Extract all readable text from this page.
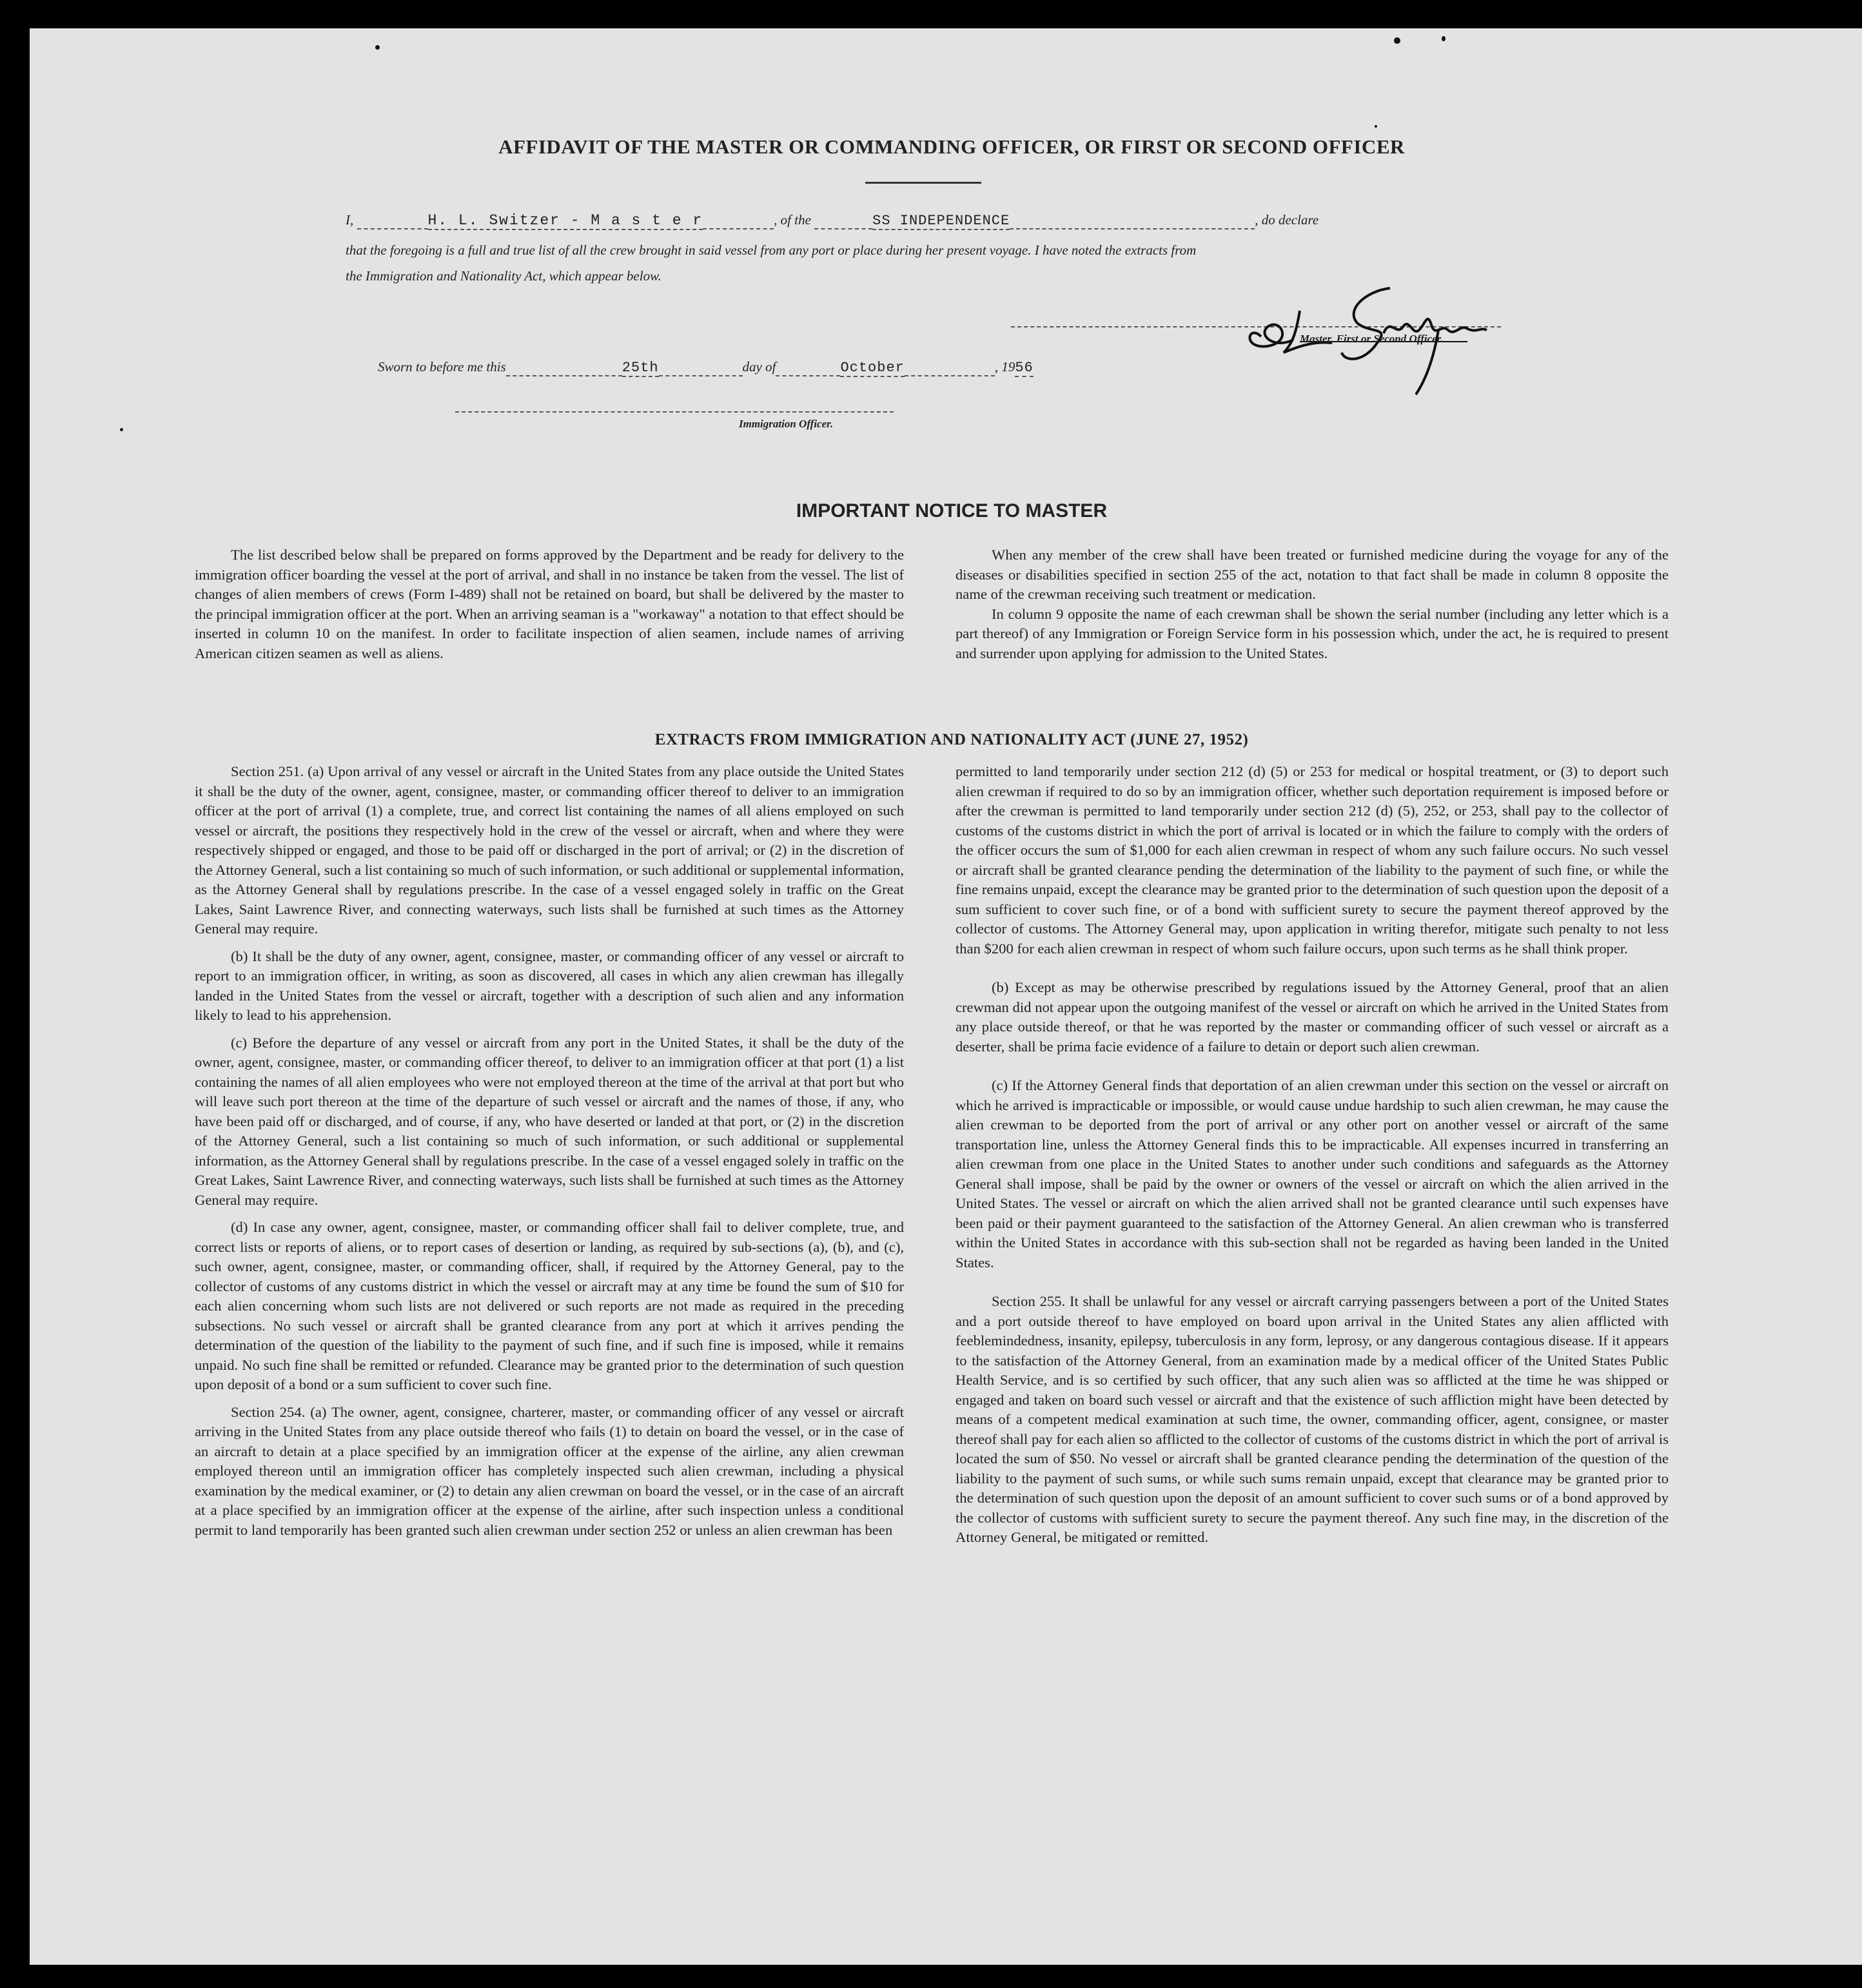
AFFIDAVIT OF THE MASTER OR COMMANDING OFFICER, OR FIRST OR SECOND OFFICER
I,	H. L. Switzer - M a s t e r	, of the	SS INDEPENDENCE	, do declare
that the foregoing is a full and true list of all the crew brought in said vessel from any port or place during her present voyage. I have noted the extracts from
the Immigration and Nationality Act, which appear below.
Master, First or Second Officer.
Sworn to before me this	25th	day of	October	, 1956
Immigration Officer.
IMPORTANT NOTICE TO MASTER

The list described below shall be prepared on forms approved by the Department and be ready for delivery to the immigration officer boarding the vessel at the port of arrival, and shall in no instance be taken from the vessel. The list of changes of alien members of crews (Form I-489) shall not be retained on board, but shall be delivered by the master to the principal immigration officer at the port. When an arriving seaman is a "workaway" a notation to that effect should be inserted in column 10 on the manifest. In order to facilitate inspection of alien seamen, include names of arriving American citizen seamen as well as aliens.

When any member of the crew shall have been treated or furnished medicine during the voyage for any of the diseases or disabilities specified in section 255 of the act, notation to that fact shall be made in column 8 opposite the name of the crewman receiving such treatment or medication.

In column 9 opposite the name of each crewman shall be shown the serial number (including any letter which is a part thereof) of any Immigration or Foreign Service form in his possession which, under the act, he is required to present and surrender upon applying for admission to the United States.

EXTRACTS FROM IMMIGRATION AND NATIONALITY ACT (JUNE 27, 1952)

Section 251. (a) Upon arrival of any vessel or aircraft in the United States from any place outside the United States it shall be the duty of the owner, agent, consignee, master, or commanding officer thereof to deliver to an immigration officer at the port of arrival (1) a complete, true, and correct list containing the names of all aliens employed on such vessel or aircraft, the positions they respectively hold in the crew of the vessel or aircraft, when and where they were respectively shipped or engaged, and those to be paid off or discharged in the port of arrival; or (2) in the discretion of the Attorney General, such a list containing so much of such information, or such additional or supplemental information, as the Attorney General shall by regulations prescribe. In the case of a vessel engaged solely in traffic on the Great Lakes, Saint Lawrence River, and connecting waterways, such lists shall be furnished at such times as the Attorney General may require.

(b) It shall be the duty of any owner, agent, consignee, master, or commanding officer of any vessel or aircraft to report to an immigration officer, in writing, as soon as discovered, all cases in which any alien crewman has illegally landed in the United States from the vessel or aircraft, together with a description of such alien and any information likely to lead to his apprehension.

(c) Before the departure of any vessel or aircraft from any port in the United States, it shall be the duty of the owner, agent, consignee, master, or commanding officer thereof, to deliver to an immigration officer at that port (1) a list containing the names of all alien employees who were not employed thereon at the time of the arrival at that port but who will leave such port thereon at the time of the departure of such vessel or aircraft and the names of those, if any, who have been paid off or discharged, and of course, if any, who have deserted or landed at that port, or (2) in the discretion of the Attorney General, such a list containing so much of such information, or such additional or supplemental information, as the Attorney General shall by regulations prescribe. In the case of a vessel engaged solely in traffic on the Great Lakes, Saint Lawrence River, and connecting waterways, such lists shall be furnished at such times as the Attorney General may require.

(d) In case any owner, agent, consignee, master, or commanding officer shall fail to deliver complete, true, and correct lists or reports of aliens, or to report cases of desertion or landing, as required by sub-sections (a), (b), and (c), such owner, agent, consignee, master, or commanding officer, shall, if required by the Attorney General, pay to the collector of customs of any customs district in which the vessel or aircraft may at any time be found the sum of $10 for each alien concerning whom such lists are not delivered or such reports are not made as required in the preceding subsections. No such vessel or aircraft shall be granted clearance from any port at which it arrives pending the determination of the question of the liability to the payment of such fine, and if such fine is imposed, while it remains unpaid. No such fine shall be remitted or refunded. Clearance may be granted prior to the determination of such question upon deposit of a bond or a sum sufficient to cover such fine.

Section 254. (a) The owner, agent, consignee, charterer, master, or commanding officer of any vessel or aircraft arriving in the United States from any place outside thereof who fails (1) to detain on board the vessel, or in the case of an aircraft to detain at a place specified by an immigration officer at the expense of the airline, any alien crewman employed thereon until an immigration officer has completely inspected such alien crewman, including a physical examination by the medical examiner, or (2) to detain any alien crewman on board the vessel, or in the case of an aircraft at a place specified by an immigration officer at the expense of the airline, after such inspection unless a conditional permit to land temporarily has been granted such alien crewman under section 252 or unless an alien crewman has been

permitted to land temporarily under section 212 (d) (5) or 253 for medical or hospital treatment, or (3) to deport such alien crewman if required to do so by an immigration officer, whether such deportation requirement is imposed before or after the crewman is permitted to land temporarily under section 212 (d) (5), 252, or 253, shall pay to the collector of customs of the customs district in which the port of arrival is located or in which the failure to comply with the orders of the officer occurs the sum of $1,000 for each alien crewman in respect of whom any such failure occurs. No such vessel or aircraft shall be granted clearance pending the determination of the liability to the payment of such fine, or while the fine remains unpaid, except the clearance may be granted prior to the determination of such question upon the deposit of a sum sufficient to cover such fine, or of a bond with sufficient surety to secure the payment thereof approved by the collector of customs. The Attorney General may, upon application in writing therefor, mitigate such penalty to not less than $200 for each alien crewman in respect of whom such failure occurs, upon such terms as he shall think proper.

(b) Except as may be otherwise prescribed by regulations issued by the Attorney General, proof that an alien crewman did not appear upon the outgoing manifest of the vessel or aircraft on which he arrived in the United States from any place outside thereof, or that he was reported by the master or commanding officer of such vessel or aircraft as a deserter, shall be prima facie evidence of a failure to detain or deport such alien crewman.

(c) If the Attorney General finds that deportation of an alien crewman under this section on the vessel or aircraft on which he arrived is impracticable or impossible, or would cause undue hardship to such alien crewman, he may cause the alien crewman to be deported from the port of arrival or any other port on another vessel or aircraft of the same transportation line, unless the Attorney General finds this to be impracticable. All expenses incurred in transferring an alien crewman from one place in the United States to another under such conditions and safeguards as the Attorney General shall impose, shall be paid by the owner or owners of the vessel or aircraft on which the alien arrived in the United States. The vessel or aircraft on which the alien arrived shall not be granted clearance until such expenses have been paid or their payment guaranteed to the satisfaction of the Attorney General. An alien crewman who is transferred within the United States in accordance with this sub-section shall not be regarded as having been landed in the United States.

Section 255. It shall be unlawful for any vessel or aircraft carrying passengers between a port of the United States and a port outside thereof to have employed on board upon arrival in the United States any alien afflicted with feeblemindedness, insanity, epilepsy, tuberculosis in any form, leprosy, or any dangerous contagious disease. If it appears to the satisfaction of the Attorney General, from an examination made by a medical officer of the United States Public Health Service, and is so certified by such officer, that any such alien was so afflicted at the time he was shipped or engaged and taken on board such vessel or aircraft and that the existence of such affliction might have been detected by means of a competent medical examination at such time, the owner, commanding officer, agent, consignee, or master thereof shall pay for each alien so afflicted to the collector of customs of the customs district in which the port of arrival is located the sum of $50. No vessel or aircraft shall be granted clearance pending the determination of the question of the liability to the payment of such sums, or while such sums remain unpaid, except that clearance may be granted prior to the determination of such question upon the deposit of an amount sufficient to cover such sums or of a bond approved by the collector of customs with sufficient surety to secure the payment thereof. Any such fine may, in the discretion of the Attorney General, be mitigated or remitted.
